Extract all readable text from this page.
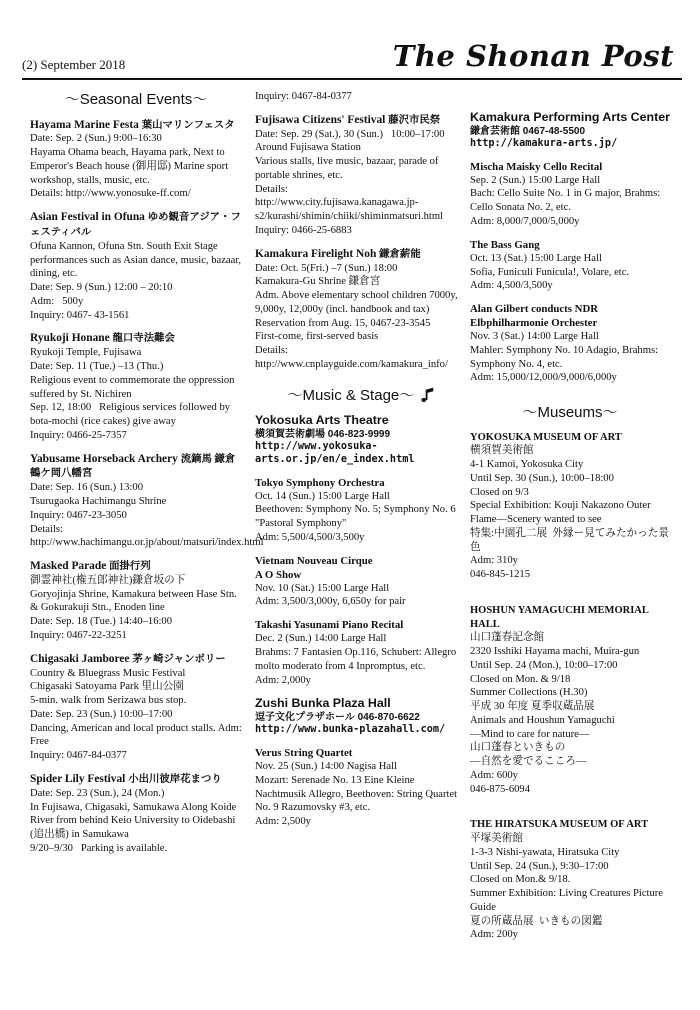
(2) September 2018	The Shonan Post
～Seasonal Events～
Hayama Marine Festa 葉山マリンフェスタ
Date: Sep. 2 (Sun.) 9:00–16:30
Hayama Ohama beach, Hayama park, Next to Emperor's Beach house (御用邸) Marine sport workshop, stalls, music, etc.
Details: http://www.yonosuke-ff.com/
Asian Festival in Ofuna ゆめ観音アジア・フェスティバル
Ofuna Kannon, Ofuna Stn. South Exit Stage performances such as Asian dance, music, bazaar, dining, etc.
Date: Sep. 9 (Sun.) 12:00 – 20:10
Adm:   500y
Inquiry: 0467- 43-1561
Ryukoji Honane 龍口寺法難会
Ryukoji Temple, Fujisawa
Date: Sep. 11 (Tue.) –13 (Thu.)
Religious event to commemorate the oppression suffered by St. Nichiren
Sep. 12, 18:00   Religious services followed by bota-mochi (rice cakes) give away
Inquiry: 0466-25-7357
Yabusame Horseback Archery 流鏑馬 鎌倉鶴ケ岡八幡宮
Date: Sep. 16 (Sun.) 13:00
Tsurugaoka Hachimangu Shrine
Inquiry: 0467-23-3050
Details:
http://www.hachimangu.or.jp/about/matsuri/index.html
Masked Parade 面掛行列
御霊神社(権五郎神社)鎌倉坂の下
Goryojinja Shrine, Kamakura between Hase Stn. & Gokurakuji Stn., Enoden line
Date: Sep. 18 (Tue.) 14:40–16:00
Inquiry: 0467-22-3251
Chigasaki Jamboree 茅ヶ崎ジャンボリー
Country & Bluegrass Music Festival
Chigasaki Satoyama Park 里山公園
5-min. walk from Serizawa bus stop.
Date: Sep. 23 (Sun.) 10:00–17:00
Dancing, American and local product stalls. Adm: Free
Inquiry: 0467-84-0377
Spider Lily Festival 小出川彼岸花まつり
Date: Sep. 23 (Sun.), 24 (Mon.)
In Fujisawa, Chigasaki, Samukawa Along Koide River from behind Keio University to Oidebashi (追出橋) in Samukawa
9/20–9/30   Parking is available.
Inquiry: 0467-84-0377
Fujisawa Citizens' Festival 藤沢市民祭
Date: Sep. 29 (Sat.), 30 (Sun.)   10:00–17:00
Around Fujisawa Station
Various stalls, live music, bazaar, parade of portable shrines, etc.
Details:
http://www.city.fujisawa.kanagawa.jp-s2/kurashi/shimin/chiiki/shiminmatsuri.html
Inquiry: 0466-25-6883
Kamakura Firelight Noh 鎌倉薪能
Date: Oct. 5(Fri.) –7 (Sun.) 18:00
Kamakura-Gu Shrine 鎌倉宮
Adm. Above elementary school children 7000y, 9,000y, 12,000y (incl. handbook and tax)
Reservation from Aug. 15, 0467-23-3545
First-come, first-served basis
Details: http://www.cnplayguide.com/kamakura_info/
～Music & Stage～
Yokosuka Arts Theatre
横須賀芸術劇場 046-823-9999
http://www.yokosuka-arts.or.jp/en/e_index.html
Tokyo Symphony Orchestra
Oct. 14 (Sun.) 15:00 Large Hall
Beethoven: Symphony No. 5; Symphony No. 6 "Pastoral Symphony"
Adm: 5,500/4,500/3,500y
Vietnam Nouveau Cirque
A O Show
Nov. 10 (Sat.) 15:00 Large Hall
Adm: 3,500/3,000y, 6,650y for pair
Takashi Yasunami Piano Recital
Dec. 2 (Sun.) 14:00 Large Hall
Brahms: 7 Fantasien Op.116, Schubert: Allegro molto moderato from 4 Inpromptus, etc.
Adm: 2,000y
Zushi Bunka Plaza Hall
逗子文化プラザホール 046-870-6622
http://www.bunka-plazahall.com/
Verus String Quartet
Nov. 25 (Sun.) 14:00 Nagisa Hall
Mozart: Serenade No. 13 Eine Kleine Nachtmusik Allegro, Beethoven: String Quartet No. 9 Razumovsky #3, etc.
Adm: 2,500y
Kamakura Performing Arts Center
鎌倉芸術館 0467-48-5500
http://kamakura-arts.jp/
Mischa Maisky Cello Recital
Sep. 2 (Sun.) 15:00 Large Hall
Bach: Cello Suite No. 1 in G major, Brahms: Cello Sonata No. 2, etc.
Adm: 8,000/7,000/5,000y
The Bass Gang
Oct. 13 (Sat.) 15:00 Large Hall
Sofia, Funiculi Funicula!, Volare, etc.
Adm: 4,500/3,500y
Alan Gilbert conducts NDR Elbphilharmonie Orchester
Nov. 3 (Sat.) 14:00 Large Hall
Mahler: Symphony No. 10 Adagio, Brahms: Symphony No. 4, etc.
Adm: 15,000/12,000/9,000/6,000y
～Museums～
YOKOSUKA MUSEUM OF ART
横須賀美術館
4-1 Kamoi, Yokosuka City
Until Sep. 30 (Sun.), 10:00–18:00
Closed on 9/3
Special Exhibition: Kouji Nakazono Outer Flame—Scenery wanted to see
特集:中園孔二展  外縁ー見てみたかった景色
Adm: 310y
046-845-1215
HOSHUN YAMAGUCHI MEMORIAL HALL
山口蓬春記念館
2320 Isshiki Hayama machi, Muira-gun
Until Sep. 24 (Mon.), 10:00–17:00
Closed on Mon. & 9/18
Summer Collections (H.30)
平成 30 年度 夏季収蔵品展
Animals and Houshun Yamaguchi
—Mind to care for nature—
山口蓬春といきもの
—自然を愛でるこころ—
Adm: 600y
046-875-6094
THE HIRATSUKA MUSEUM OF ART
平塚美術館
1-3-3 Nishi-yawata, Hiratsuka City
Until Sep. 24 (Sun.), 9:30–17:00
Closed on Mon.& 9/18.
Summer Exhibition: Living Creatures Picture Guide
夏の所蔵品展  いきもの図鑑
Adm: 200y
